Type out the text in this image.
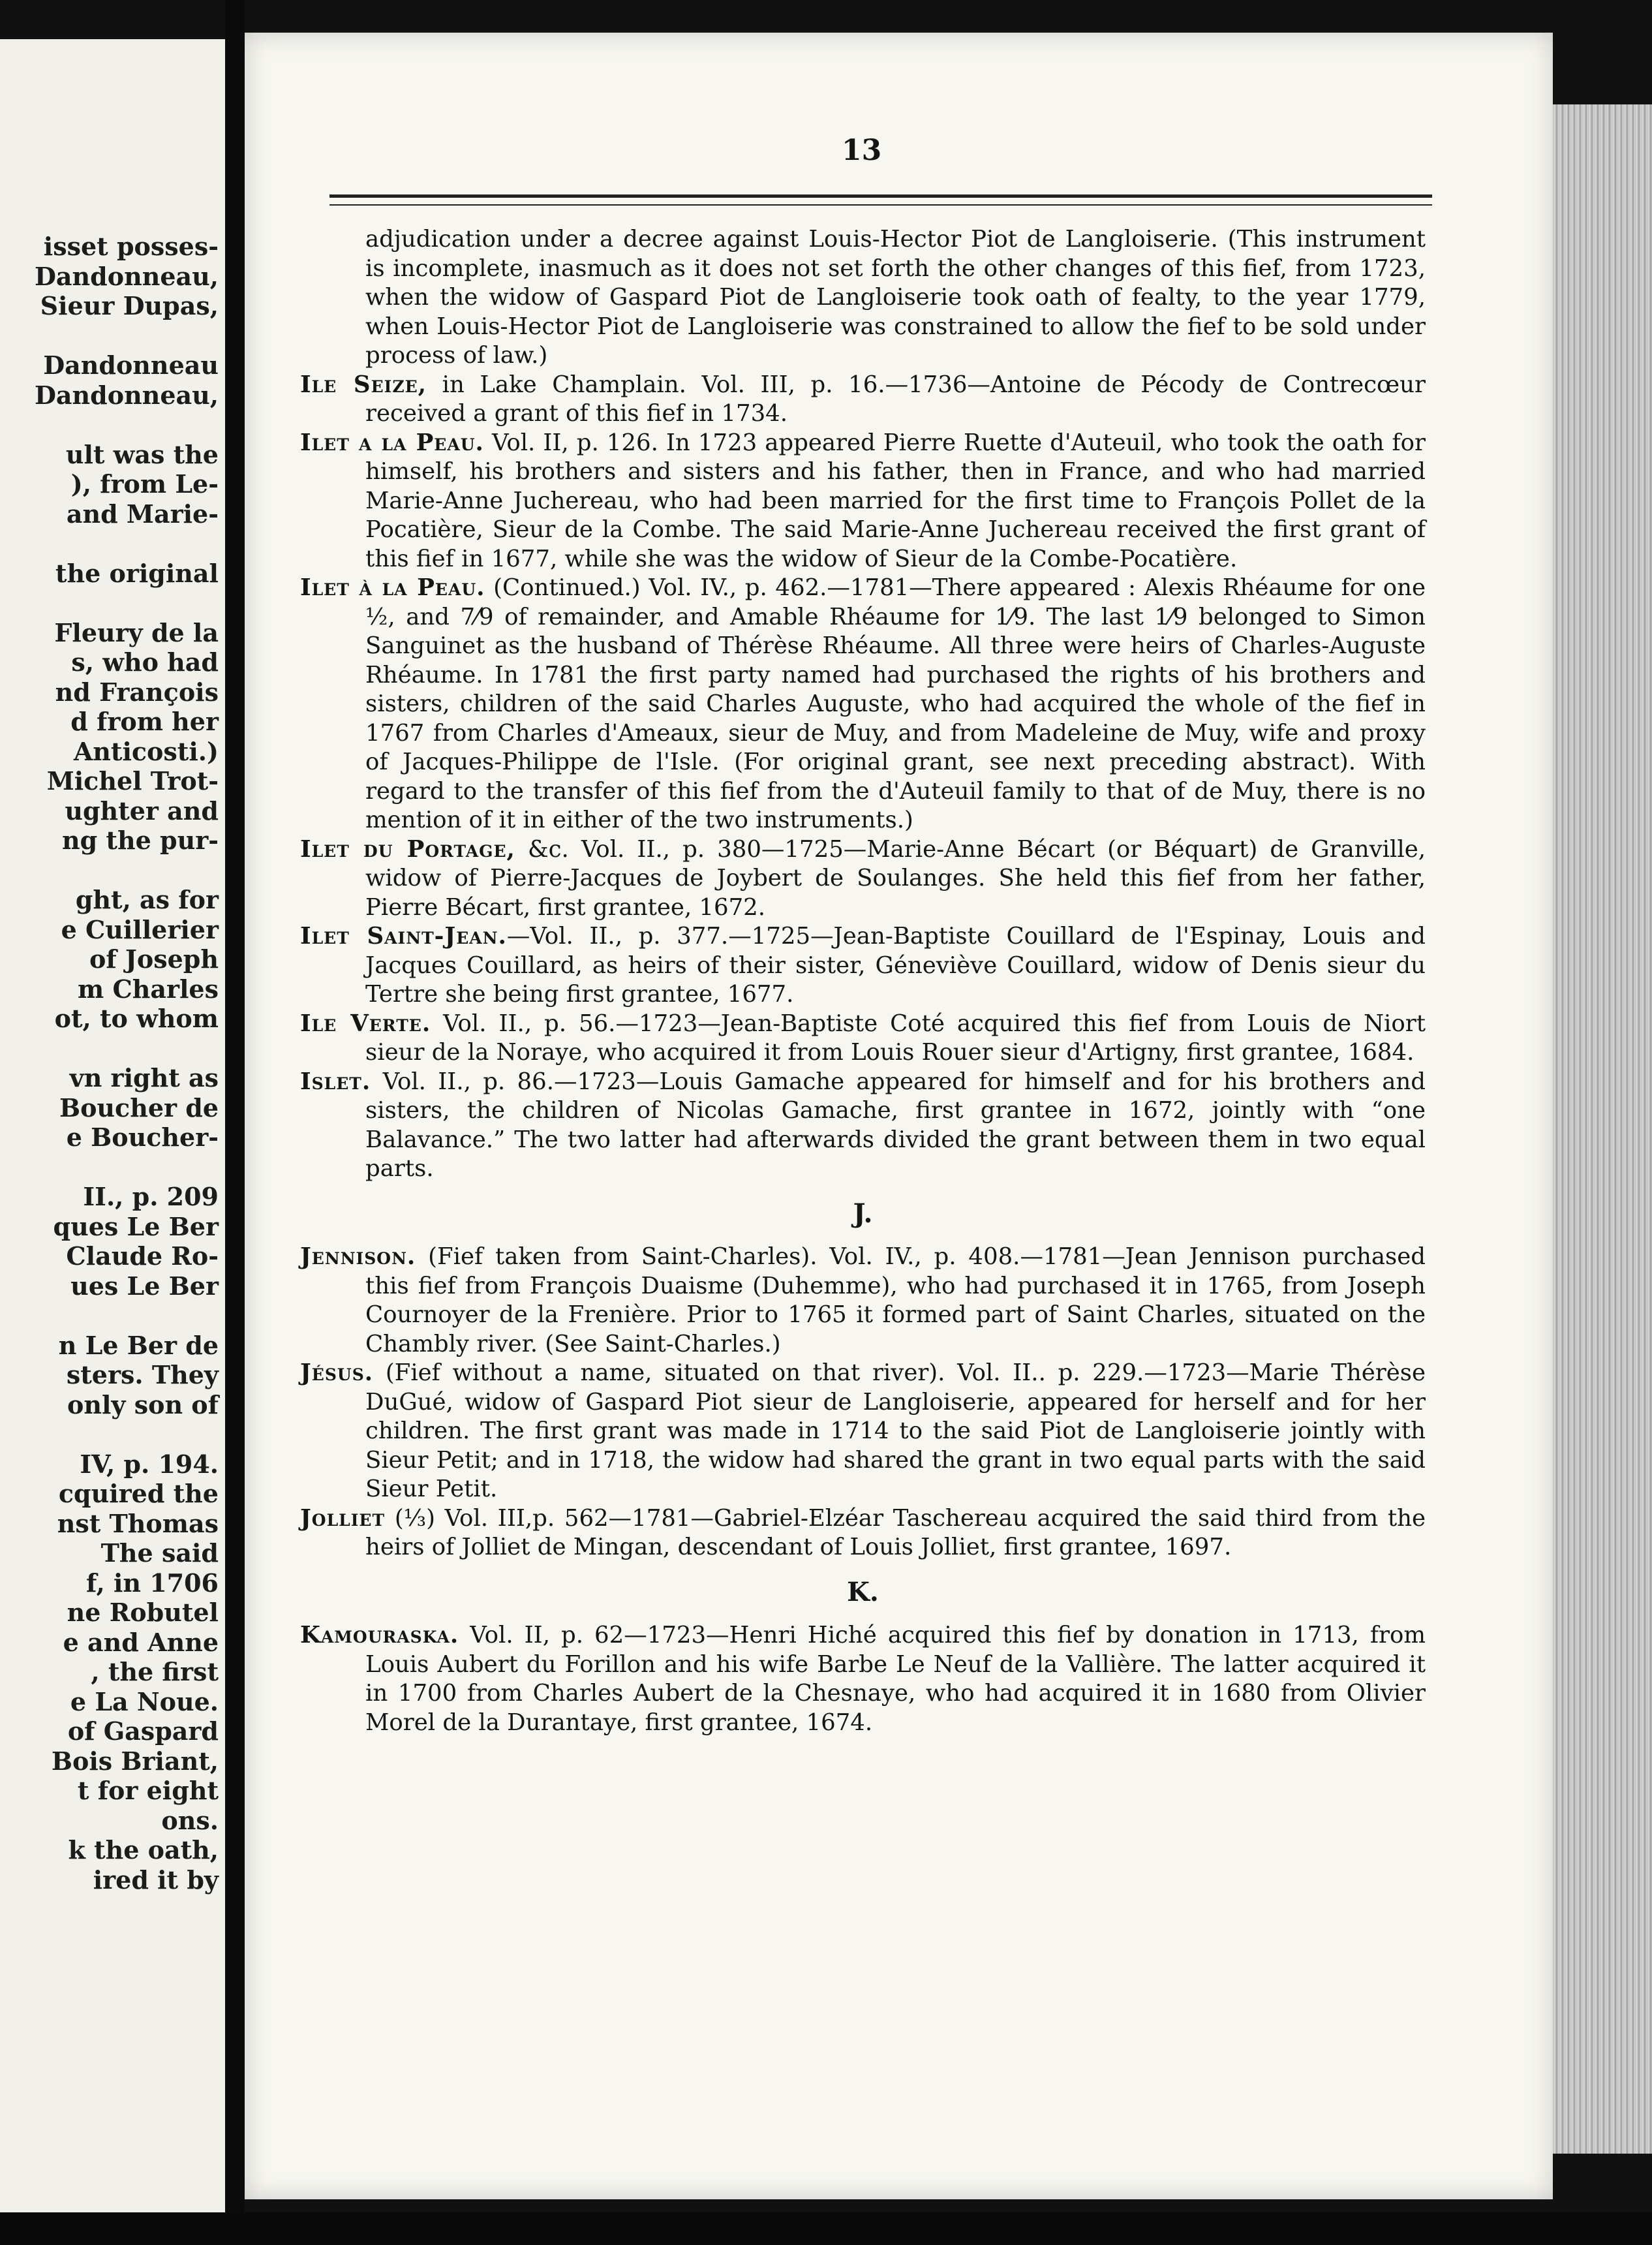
isset posses-
Dandonneau,
Sieur Dupas,
Dandonneau
Dandonneau,
ult was the
), from Le-
and Marie-
the original
Fleury de la
s, who had
nd François
d from her
Anticosti.)
Michel Trot-
ughter and
ng the pur-
ght, as for
e Cuillerier
of Joseph
m Charles
ot, to whom
vn right as
Boucher de
e Boucher-
II., p. 209
ques Le Ber
Claude Ro-
ues Le Ber
n Le Ber de
sters. They
only son of
IV, p. 194.
cquired the
nst Thomas
The said
f, in 1706
ne Robutel
e and Anne
, the first
e La Noue.
of Gaspard
Bois Briant,
t for eight
ons.
k the oath,
ired it by
13

adjudication under a decree against Louis-Hector Piot de Langloiserie. (This instrument is incomplete, inasmuch as it does not set forth the other changes of this fief, from 1723, when the widow of Gaspard Piot de Langloiserie took oath of fealty, to the year 1779, when Louis-Hector Piot de Langloiserie was constrained to allow the fief to be sold under process of law.)

Ile Seize, in Lake Champlain. Vol. III, p. 16.—1736—Antoine de Pécody de Contrecœur received a grant of this fief in 1734.

Ilet a la Peau. Vol. II, p. 126. In 1723 appeared Pierre Ruette d'Auteuil, who took the oath for himself, his brothers and sisters and his father, then in France, and who had married Marie-Anne Juchereau, who had been married for the first time to François Pollet de la Pocatière, Sieur de la Combe. The said Marie-Anne Juchereau received the first grant of this fief in 1677, while she was the widow of Sieur de la Combe-Pocatière.

Ilet à la Peau. (Continued.) Vol. IV., p. 462.—1781—There appeared : Alexis Rhéaume for one ½, and 7⁄9 of remainder, and Amable Rhéaume for 1⁄9. The last 1⁄9 belonged to Simon Sanguinet as the husband of Thérèse Rhéaume. All three were heirs of Charles-Auguste Rhéaume. In 1781 the first party named had purchased the rights of his brothers and sisters, children of the said Charles Auguste, who had acquired the whole of the fief in 1767 from Charles d'Ameaux, sieur de Muy, and from Madeleine de Muy, wife and proxy of Jacques-Philippe de l'Isle. (For original grant, see next preceding abstract). With regard to the transfer of this fief from the d'Auteuil family to that of de Muy, there is no mention of it in either of the two instruments.)

Ilet du Portage, &c. Vol. II., p. 380—1725—Marie-Anne Bécart (or Béquart) de Granville, widow of Pierre-Jacques de Joybert de Soulanges. She held this fief from her father, Pierre Bécart, first grantee, 1672.

Ilet Saint-Jean.—Vol. II., p. 377.—1725—Jean-Baptiste Couillard de l'Espinay, Louis and Jacques Couillard, as heirs of their sister, Géneviève Couillard, widow of Denis sieur du Tertre she being first grantee, 1677.

Ile Verte. Vol. II., p. 56.—1723—Jean-Baptiste Coté acquired this fief from Louis de Niort sieur de la Noraye, who acquired it from Louis Rouer sieur d'Artigny, first grantee, 1684.

Islet. Vol. II., p. 86.—1723—Louis Gamache appeared for himself and for his brothers and sisters, the children of Nicolas Gamache, first grantee in 1672, jointly with “one Balavance.” The two latter had afterwards divided the grant between them in two equal parts.

J.

Jennison. (Fief taken from Saint-Charles). Vol. IV., p. 408.—1781—Jean Jennison purchased this fief from François Duaisme (Duhemme), who had purchased it in 1765, from Joseph Cournoyer de la Frenière. Prior to 1765 it formed part of Saint Charles, situated on the Chambly river. (See Saint-Charles.)

Jésus. (Fief without a name, situated on that river). Vol. II.. p. 229.—1723—Marie Thérèse DuGué, widow of Gaspard Piot sieur de Langloiserie, appeared for herself and for her children. The first grant was made in 1714 to the said Piot de Langloiserie jointly with Sieur Petit; and in 1718, the widow had shared the grant in two equal parts with the said Sieur Petit.

Jolliet (⅓) Vol. III,p. 562—1781—Gabriel-Elzéar Taschereau acquired the said third from the heirs of Jolliet de Mingan, descendant of Louis Jolliet, first grantee, 1697.

K.

Kamouraska. Vol. II, p. 62—1723—Henri Hiché acquired this fief by donation in 1713, from Louis Aubert du Forillon and his wife Barbe Le Neuf de la Vallière. The latter acquired it in 1700 from Charles Aubert de la Chesnaye, who had acquired it in 1680 from Olivier Morel de la Durantaye, first grantee, 1674.
